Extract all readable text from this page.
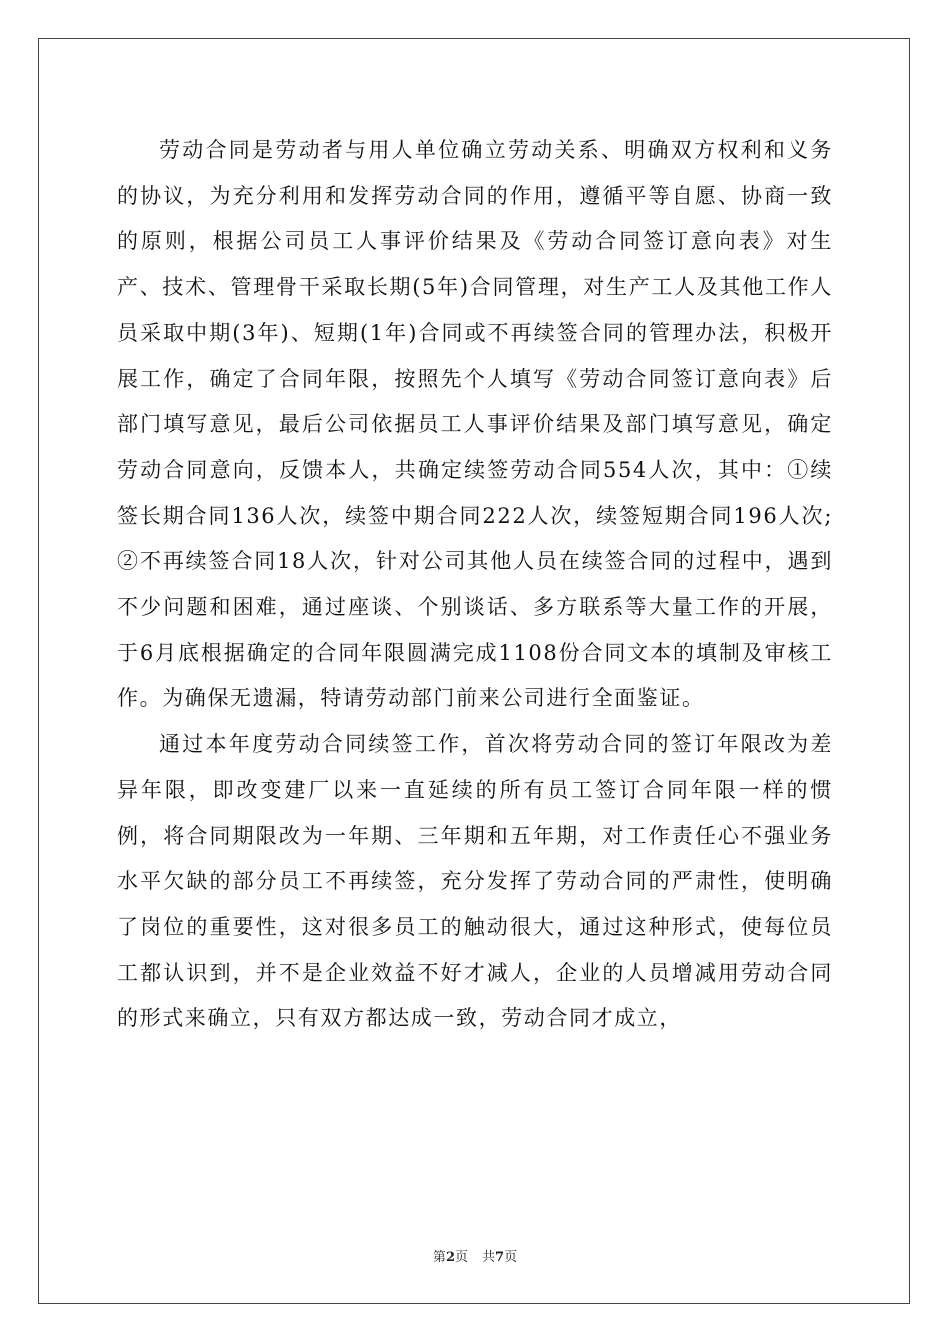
劳动合同是劳动者与用人单位确立劳动关系、明确双方权利和义务的协议，为充分利用和发挥劳动合同的作用，遵循平等自愿、协商一致的原则，根据公司员工人事评价结果及《劳动合同签订意向表》对生产、技术、管理骨干采取长期(5年)合同管理，对生产工人及其他工作人员采取中期(3年)、短期(1年)合同或不再续签合同的管理办法，积极开展工作，确定了合同年限，按照先个人填写《劳动合同签订意向表》后部门填写意见，最后公司依据员工人事评价结果及部门填写意见，确定劳动合同意向，反馈本人，共确定续签劳动合同554人次，其中：①续签长期合同136人次，续签中期合同222人次，续签短期合同196人次;②不再续签合同18人次，针对公司其他人员在续签合同的过程中，遇到不少问题和困难，通过座谈、个别谈话、多方联系等大量工作的开展，于6月底根据确定的合同年限圆满完成1108份合同文本的填制及审核工作。为确保无遗漏，特请劳动部门前来公司进行全面鉴证。

通过本年度劳动合同续签工作，首次将劳动合同的签订年限改为差异年限，即改变建厂以来一直延续的所有员工签订合同年限一样的惯例，将合同期限改为一年期、三年期和五年期，对工作责任心不强业务水平欠缺的部分员工不再续签，充分发挥了劳动合同的严肃性，使明确了岗位的重要性，这对很多员工的触动很大，通过这种形式，使每位员工都认识到，并不是企业效益不好才减人，企业的人员增减用劳动合同的形式来确立，只有双方都达成一致，劳动合同才成立，

第2页 共7页
